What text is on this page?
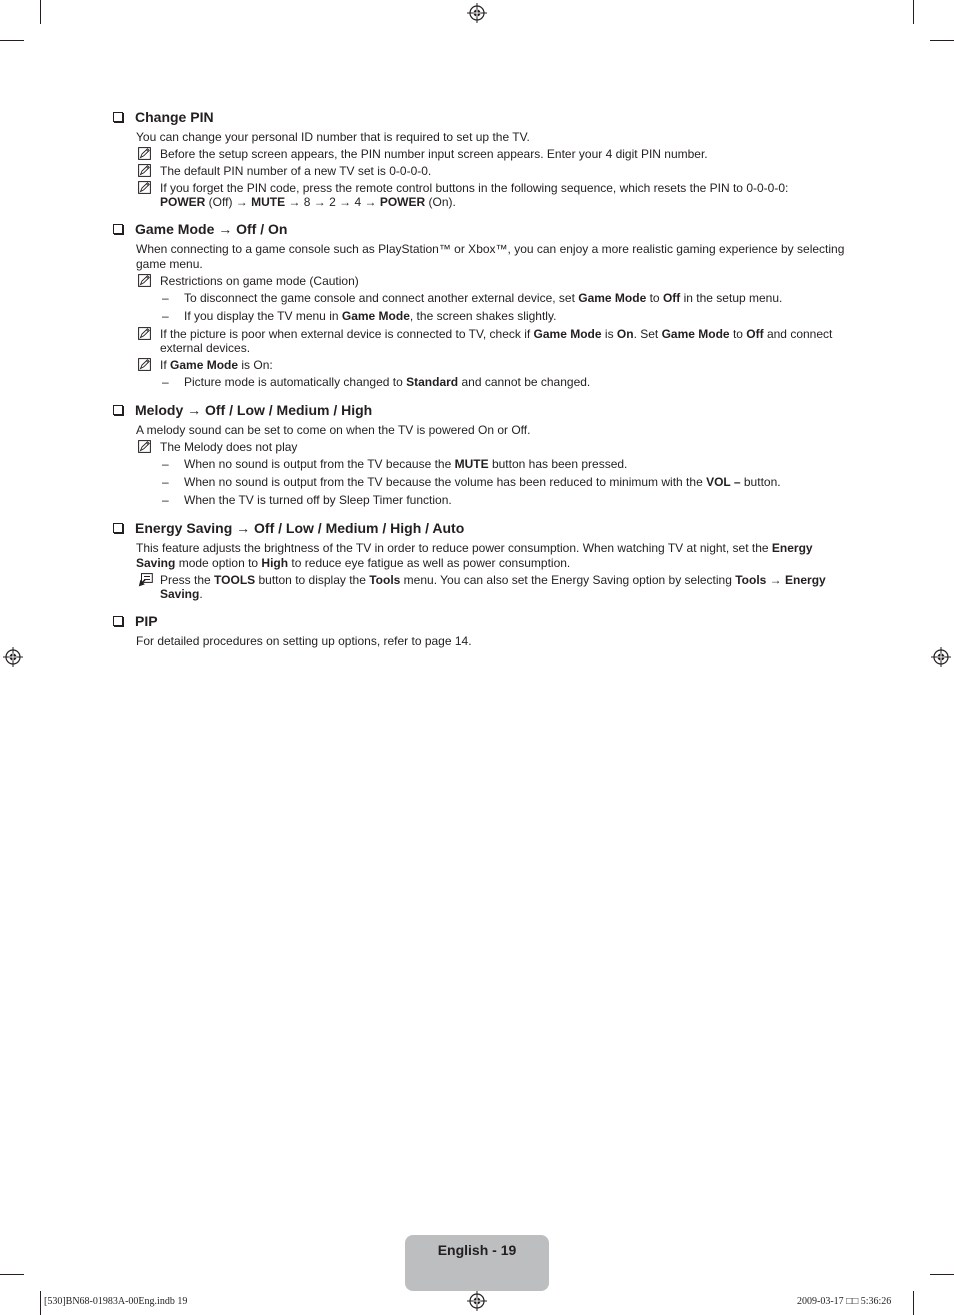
Change PIN
You can change your personal ID number that is required to set up the TV.
Before the setup screen appears, the PIN number input screen appears. Enter your 4 digit PIN number.
The default PIN number of a new TV set is 0-0-0-0.
If you forget the PIN code, press the remote control buttons in the following sequence, which resets the PIN to 0-0-0-0:
POWER (Off) → MUTE → 8 → 2 → 4 → POWER (On).
Game Mode → Off / On
When connecting to a game console such as PlayStation™ or Xbox™, you can enjoy a more realistic gaming experience by selecting game menu.
Restrictions on game mode (Caution)
–	To disconnect the game console and connect another external device, set Game Mode to Off in the setup menu.
–	If you display the TV menu in Game Mode, the screen shakes slightly.
If the picture is poor when external device is connected to TV, check if Game Mode is On. Set Game Mode to Off and connect external devices.
If Game Mode is On:
–	Picture mode is automatically changed to Standard and cannot be changed.
Melody → Off / Low / Medium / High
A melody sound can be set to come on when the TV is powered On or Off.
The Melody does not play
–	When no sound is output from the TV because the MUTE button has been pressed.
–	When no sound is output from the TV because the volume has been reduced to minimum with the VOL – button.
–	When the TV is turned off by Sleep Timer function.
Energy Saving → Off / Low / Medium / High / Auto
This feature adjusts the brightness of the TV in order to reduce power consumption. When watching TV at night, set the Energy Saving mode option to High to reduce eye fatigue as well as power consumption.
Press the TOOLS button to display the Tools menu. You can also set the Energy Saving option by selecting Tools → Energy Saving.
PIP
For detailed procedures on setting up options, refer to page 14.
English - 19
[530]BN68-01983A-00Eng.indb 19	2009-03-17 □□ 5:36:26
